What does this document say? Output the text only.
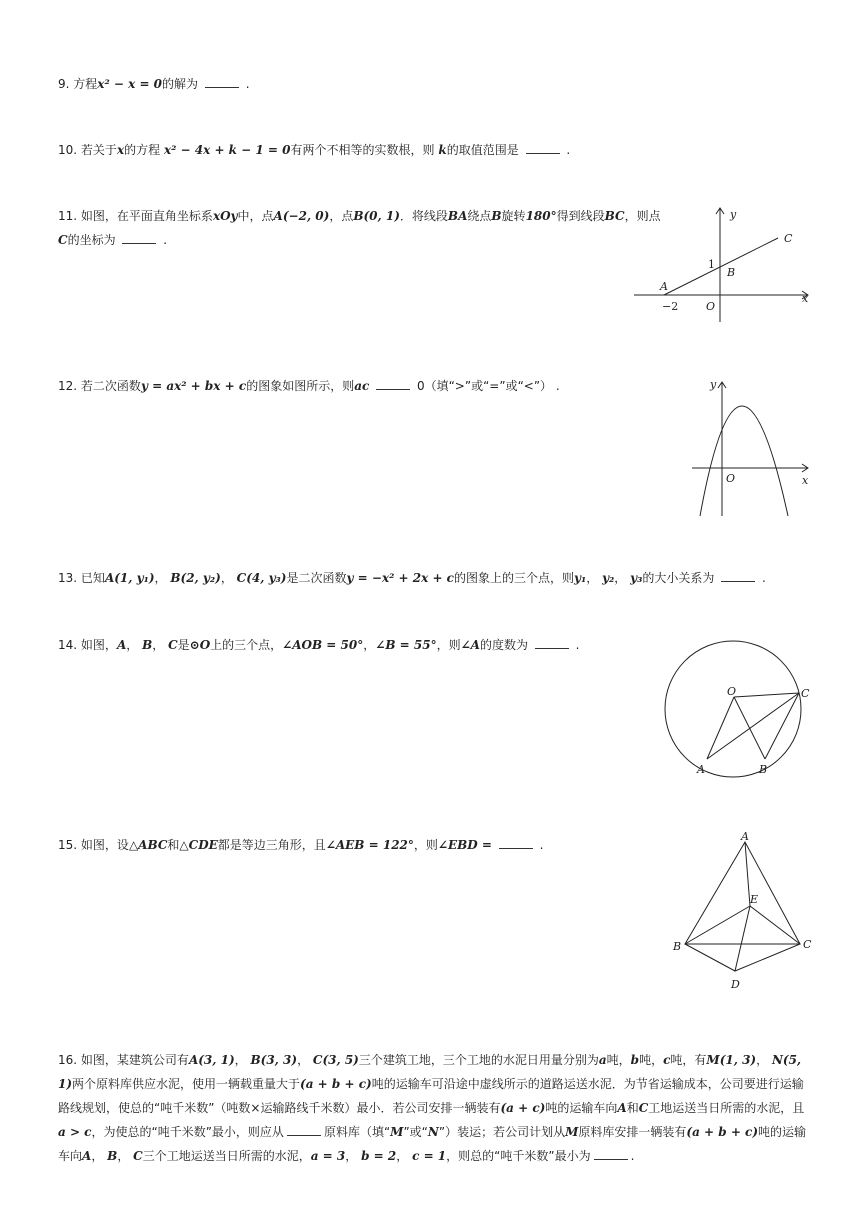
9. 方程x² − x = 0的解为	.
10. 若关于x的方程 x² − 4x + k − 1 = 0有两个不相等的实数根，则 k的取值范围是	.
11. 如图，在平面直角坐标系xOy中，点A(−2, 0)，点B(0, 1)．将线段BA绕点B旋转180°得到线段BC，则点
C的坐标为	.
y
x
C
1
B
A
−2	O
12. 若二次函数y = ax² + bx + c的图象如图所示，则ac	0（填“>”或“=”或“<”） .	y
x
O
13. 已知A(1, y₁)， B(2, y₂)， C(4, y₃)是二次函数y = −x² + 2x + c的图象上的三个点，则y₁， y₂， y₃的大小关系为	.
14. 如图，A， B， C是⊙O上的三个点，∠AOB = 50°，∠B = 55°，则∠A的度数为	.
O	C
A	B
15. 如图，设△ABC和△CDE都是等边三角形，且∠AEB = 122°，则∠EBD =	.
A
E
B	C
D
16. 如图，某建筑公司有A(3, 1)， B(3, 3)， C(3, 5)三个建筑工地，三个工地的水泥日用量分别为a吨，b吨，c吨，有M(1, 3)， N(5, 1)两个原料库供应水泥，使用一辆载重量大于(a + b + c)吨的运输车可沿途中虚线所示的道路运送水泥．为节省运输成本，公司要进行运输路线规划，使总的“吨千米数”（吨数×运输路线千米数）最小．若公司安排一辆装有(a + c)吨的运输车向A和C工地运送当日所需的水泥，且a > c，为使总的“吨千米数”最小，则应从	原料库（填“M”或“N”）装运；若公司计划从M原料库安排一辆装有(a + b + c)吨的运输车向A， B， C三个工地运送当日所需的水泥，a = 3， b = 2， c = 1，则总的“吨千米数”最小为	.
